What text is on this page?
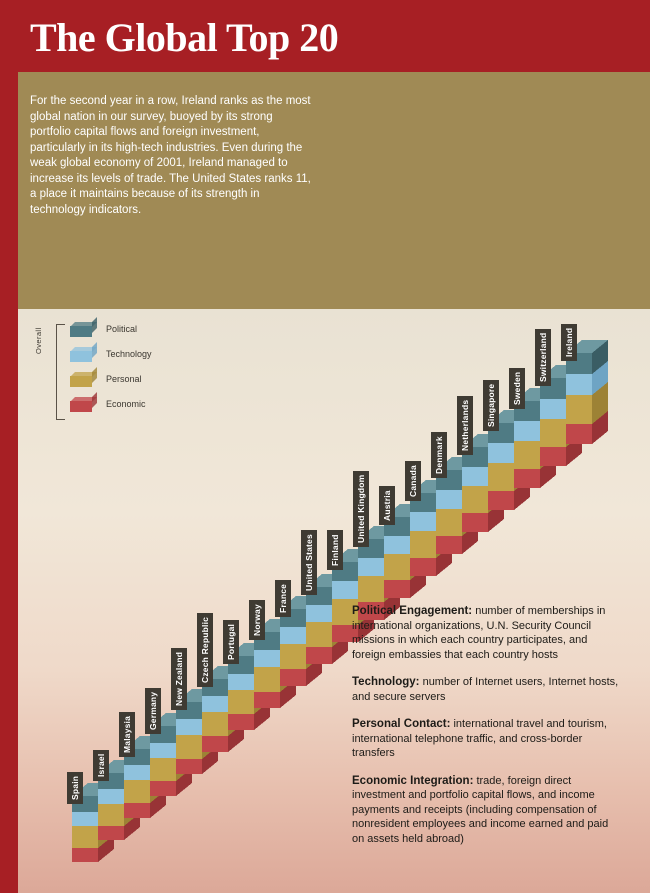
The Global Top 20
For the second year in a row, Ireland ranks as the most global nation in our survey, buoyed by its strong portfolio capital flows and foreign investment, particularly in its high-tech industries. Even during the weak global economy of 2001, Ireland managed to increase its levels of trade. The United States ranks 11, a place it maintains because of its strength in technology indicators.
Overall	Political
Technology
Personal
Economic
Spain
Israel
Malaysia
Germany
New Zealand	Czech Republic	Portugal
Norway
France
United States	Finland
United Kingdom	Austria
Canada
Denmark
Netherlands	Singapore	Sweden
Switzerland	Ireland

Political Engagement: number of memberships in international organizations, U.N. Security Council missions in which each country participates, and foreign embassies that each country hosts

Technology: number of Internet users, Internet hosts, and secure servers

Personal Contact: international travel and tourism, international telephone traffic, and cross-border transfers

Economic Integration: trade, foreign direct investment and portfolio capital flows, and income payments and receipts (including compensation of nonresident employees and income earned and paid on assets held abroad)
